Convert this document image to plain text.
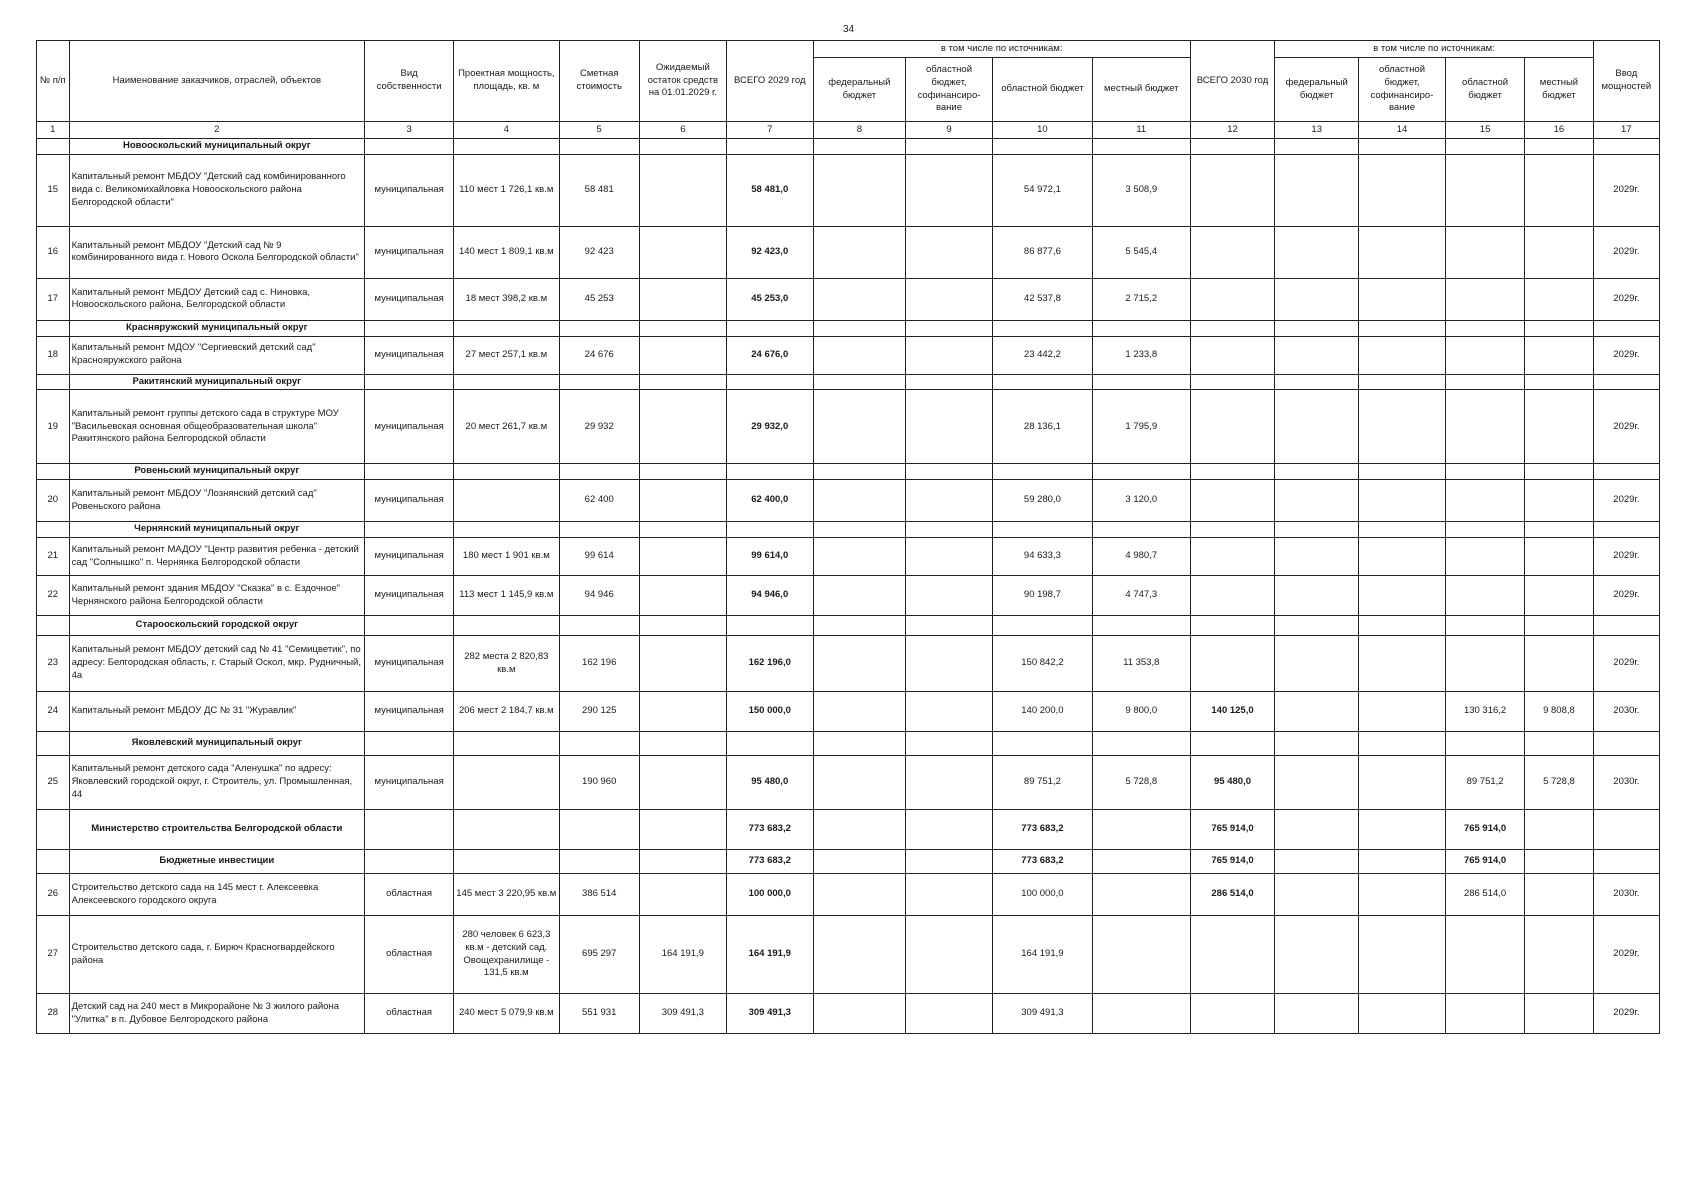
34
№ п/п	Наименование заказчиков, отраслей, объектов	Вид собственности	Проектная мощность, площадь, кв. м	Сметная стоимость	Ожидаемый остаток средств на 01.01.2029 г.	ВСЕГО 2029 год	в том числе по источникам:				ВСЕГО 2030 год	в том числе по источникам:				Ввод мощностей
							федеральный бюджет	областной бюджет, софинансиро-вание	областной бюджет	местный бюджет		федеральный бюджет	областной бюджет, софинансиро-вание	областной бюджет	местный бюджет	
1	2	3	4	5	6	7	8	9	10	11	12	13	14	15	16	17
	Новооскольский муниципальный округ															
15	Капитальный ремонт МБДОУ "Детский сад комбинированного вида с. Великомихайловка Новооскольского района Белгородской области"	муниципальная	110 мест 1 726,1 кв.м	58 481		58 481,0			54 972,1	3 508,9						2029г.
16	Капитальный ремонт МБДОУ "Детский сад № 9 комбинированного вида г. Нового Оскола Белгородской области"	муниципальная	140 мест 1 809,1 кв.м	92 423		92 423,0			86 877,6	5 545,4						2029г.
17	Капитальный ремонт МБДОУ Детский сад с. Ниновка, Новооскольского района, Белгородской области	муниципальная	18 мест 398,2 кв.м	45 253		45 253,0			42 537,8	2 715,2						2029г.
	Красняружский муниципальный округ															
18	Капитальный ремонт МДОУ "Сергиевский детский сад" Краснояружского района	муниципальная	27 мест 257,1 кв.м	24 676		24 676,0			23 442,2	1 233,8						2029г.
	Ракитянский муниципальный округ															
19	Капитальный ремонт группы детского сада в структуре МОУ "Васильевская основная общеобразовательная школа" Ракитянского района Белгородской области	муниципальная	20 мест 261,7 кв.м	29 932		29 932,0			28 136,1	1 795,9						2029г.
	Ровеньский муниципальный округ															
20	Капитальный ремонт МБДОУ "Лознянский детский сад" Ровеньского района	муниципальная		62 400		62 400,0			59 280,0	3 120,0						2029г.
	Чернянский муниципальный округ															
21	Капитальный ремонт МАДОУ "Центр развития ребенка - детский сад "Солнышко" п. Чернянка Белгородской области	муниципальная	180 мест 1 901 кв.м	99 614		99 614,0			94 633,3	4 980,7						2029г.
22	Капитальный ремонт здания МБДОУ "Сказка" в с. Ездочное" Чернянского района Белгородской области	муниципальная	113 мест 1 145,9 кв.м	94 946		94 946,0			90 198,7	4 747,3						2029г.
	Старооскольский городской округ															
23	Капитальный ремонт МБДОУ детский сад № 41 "Семицветик", по адресу: Белгородская область, г. Старый Оскол, мкр. Рудничный, 4а	муниципальная	282 места 2 820,83 кв.м	162 196		162 196,0			150 842,2	11 353,8						2029г.
24	Капитальный ремонт МБДОУ ДС № 31 "Журавлик"	муниципальная	206 мест 2 184,7 кв.м	290 125		150 000,0			140 200,0	9 800,0	140 125,0			130 316,2	9 808,8	2030г.
	Яковлевский муниципальный округ															
25	Капитальный ремонт детского сада "Аленушка" по адресу: Яковлевский городской округ, г. Строитель, ул. Промышленная, 44	муниципальная		190 960		95 480,0			89 751,2	5 728,8	95 480,0			89 751,2	5 728,8	2030г.
	Министерство строительства Белгородской области					773 683,2			773 683,2		765 914,0			765 914,0		
	Бюджетные инвестиции					773 683,2			773 683,2		765 914,0			765 914,0		
26	Строительство детского сада на 145 мест г. Алексеевка Алексеевского городского округа	областная	145 мест 3 220,95 кв.м	386 514		100 000,0			100 000,0		286 514,0			286 514,0		2030г.
27	Строительство детского сада, г. Бирюч Красногвардейского района	областная	280 человек 6 623,3 кв.м - детский сад. Овощехранилище - 131,5 кв.м	695 297	164 191,9	164 191,9			164 191,9							2029г.
28	Детский сад на 240 мест в Микрорайоне № 3 жилого района "Улитка" в п. Дубовое Белгородского района	областная	240 мест 5 079,9 кв.м	551 931	309 491,3	309 491,3			309 491,3							2029г.
